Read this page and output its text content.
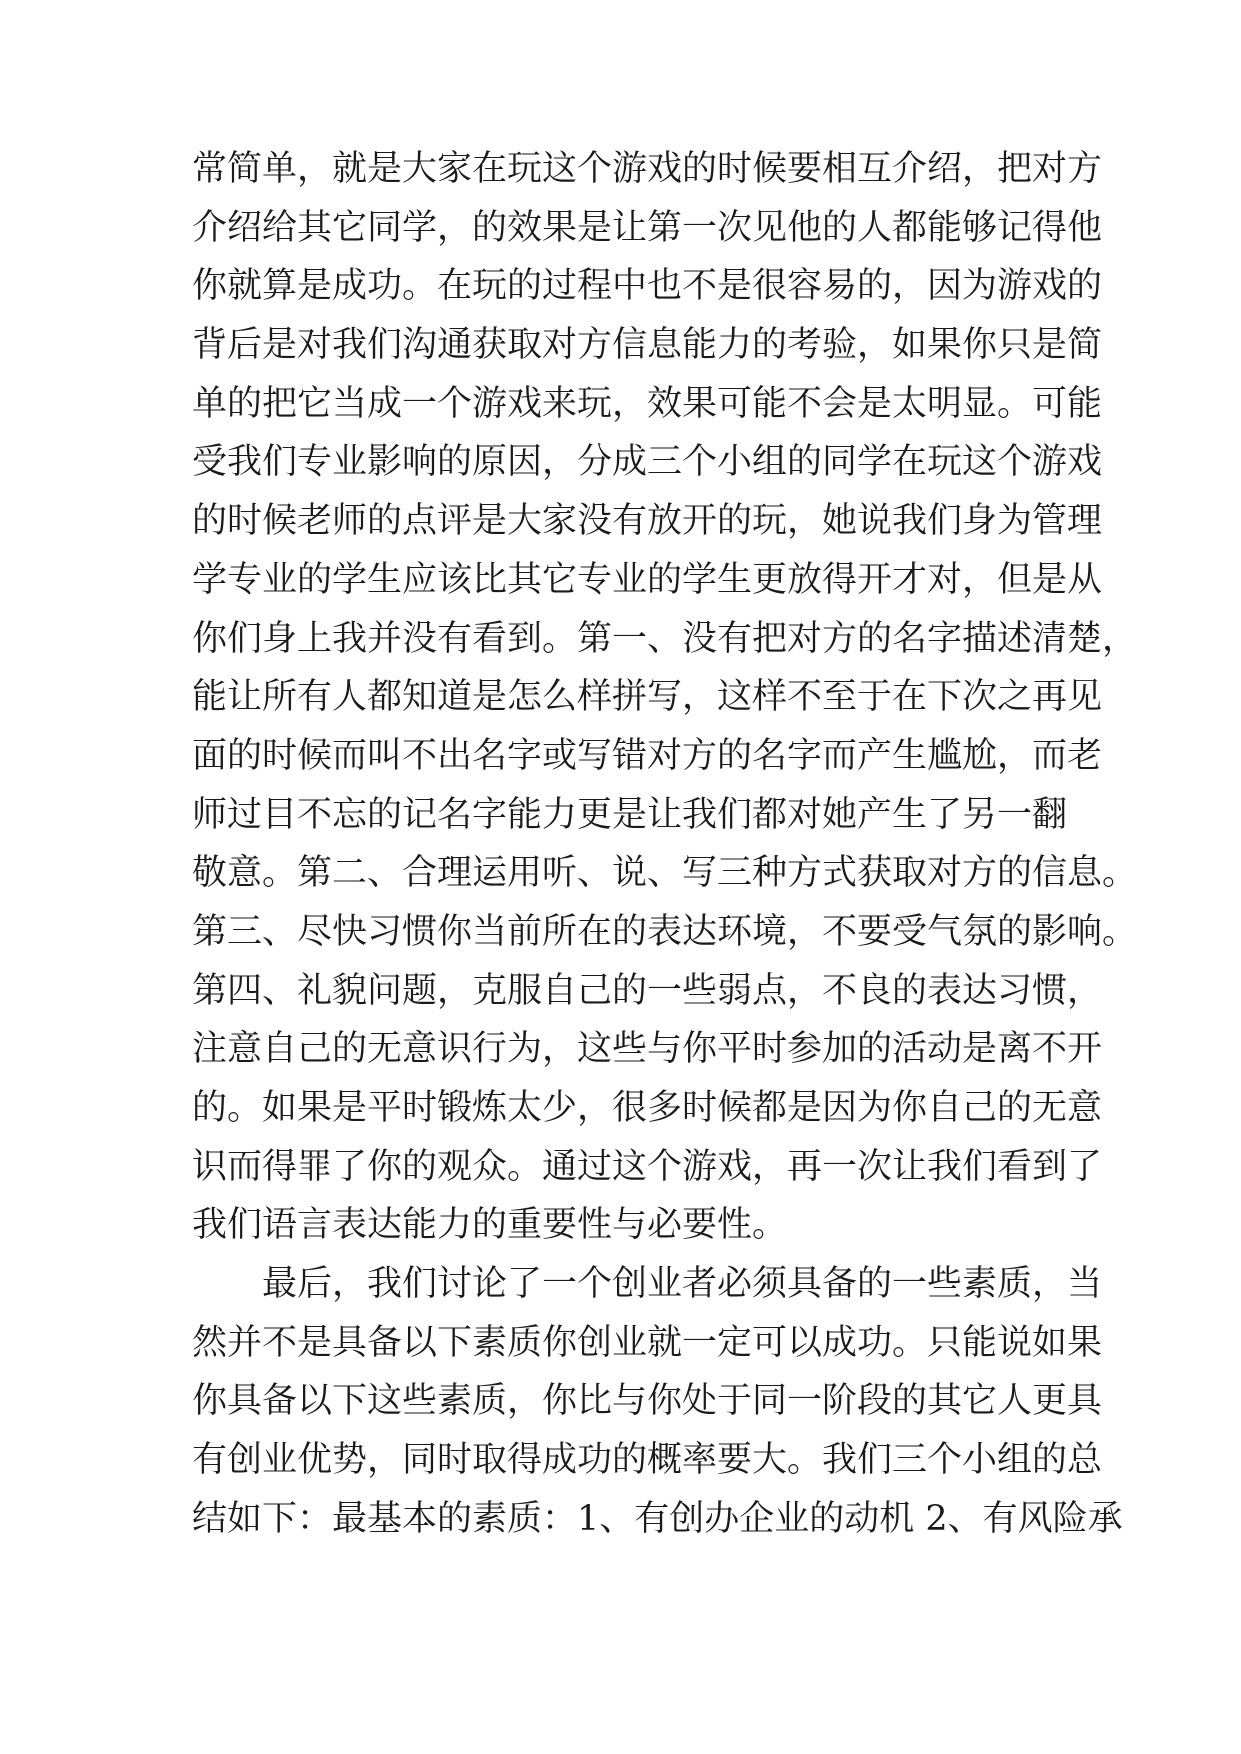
常简单，就是大家在玩这个游戏的时候要相互介绍，把对方
介绍给其它同学，的效果是让第一次见他的人都能够记得他
你就算是成功。在玩的过程中也不是很容易的，因为游戏的
背后是对我们沟通获取对方信息能力的考验，如果你只是简
单的把它当成一个游戏来玩，效果可能不会是太明显。可能
受我们专业影响的原因，分成三个小组的同学在玩这个游戏
的时候老师的点评是大家没有放开的玩，她说我们身为管理
学专业的学生应该比其它专业的学生更放得开才对，但是从
你们身上我并没有看到。第一、没有把对方的名字描述清楚，
能让所有人都知道是怎么样拼写，这样不至于在下次之再见
面的时候而叫不出名字或写错对方的名字而产生尴尬，而老
师过目不忘的记名字能力更是让我们都对她产生了另一翻
敬意。第二、合理运用听、说、写三种方式获取对方的信息。
第三、尽快习惯你当前所在的表达环境，不要受气氛的影响。
第四、礼貌问题，克服自己的一些弱点，不良的表达习惯，
注意自己的无意识行为，这些与你平时参加的活动是离不开
的。如果是平时锻炼太少，很多时候都是因为你自己的无意
识而得罪了你的观众。通过这个游戏，再一次让我们看到了
我们语言表达能力的重要性与必要性。
最后，我们讨论了一个创业者必须具备的一些素质，当
然并不是具备以下素质你创业就一定可以成功。只能说如果
你具备以下这些素质，你比与你处于同一阶段的其它人更具
有创业优势，同时取得成功的概率要大。我们三个小组的总
结如下：最基本的素质：1、有创办企业的动机 2、有风险承
